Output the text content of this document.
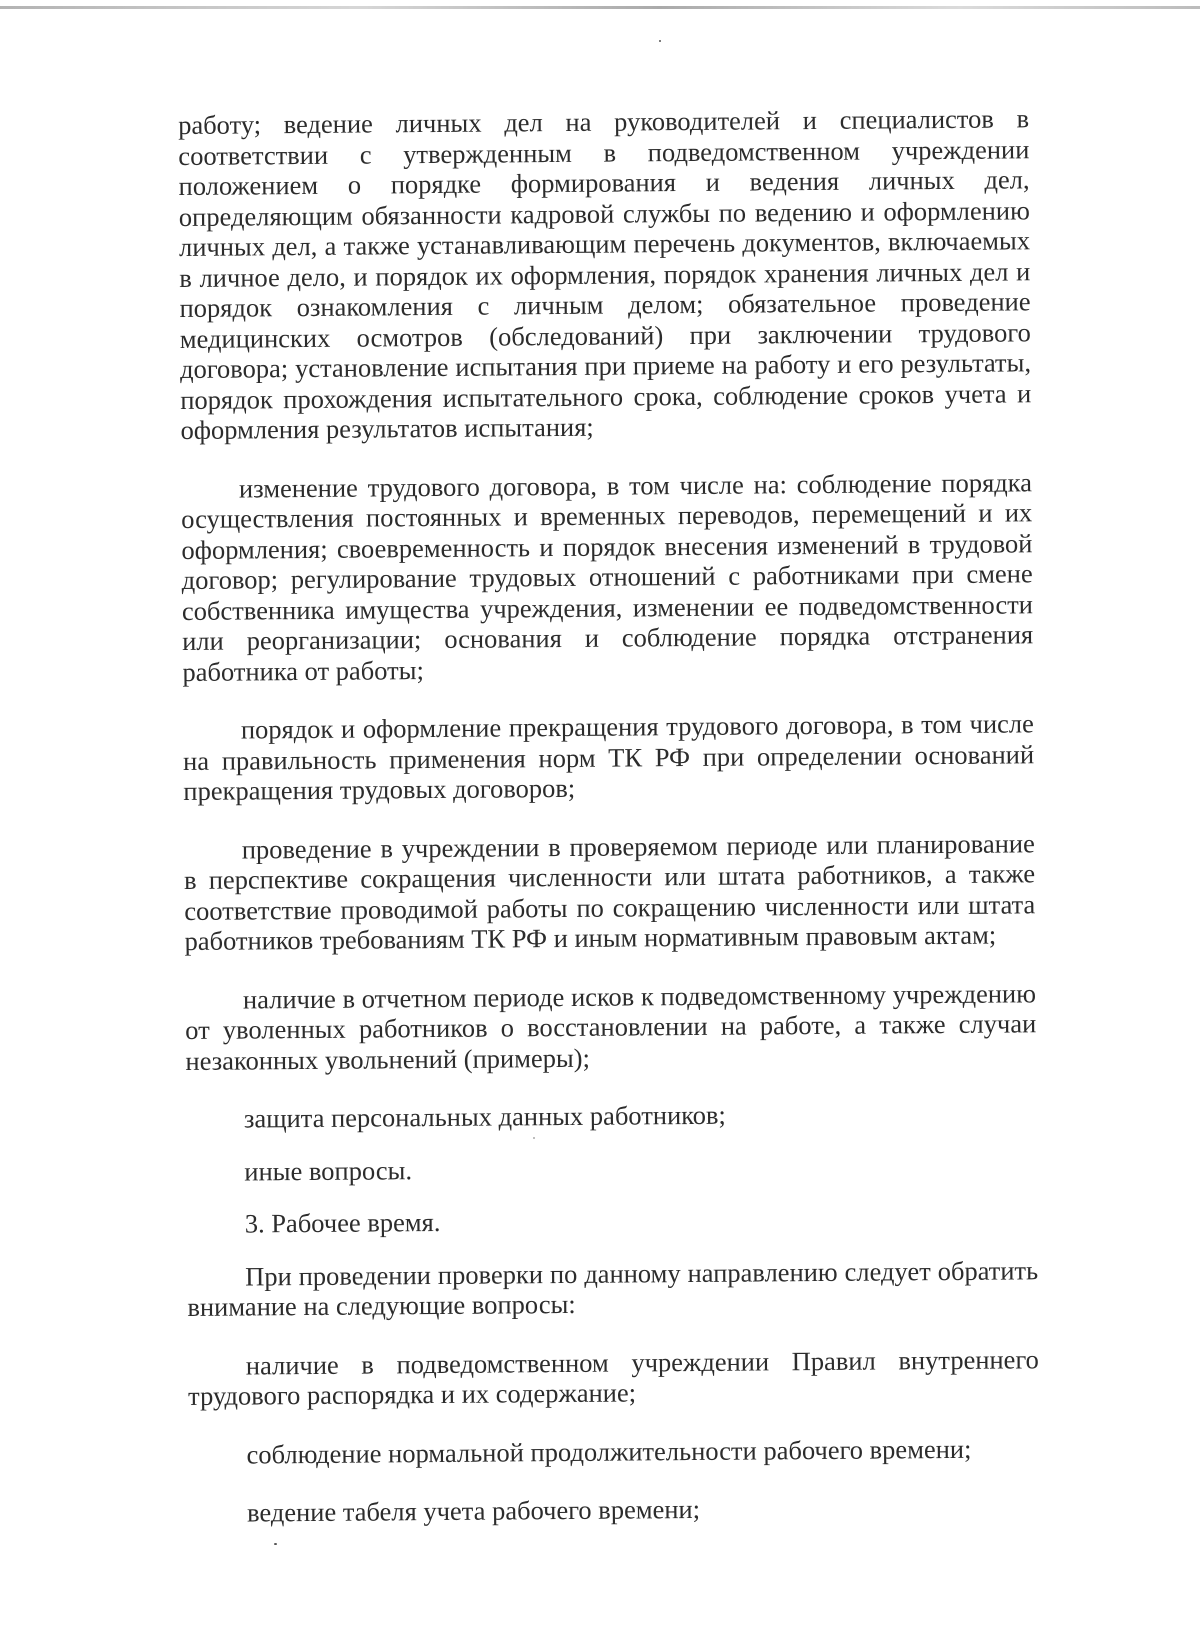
работу; ведение личных дел на руководителей и специалистов в соответствии с утвержденным в подведомственном учреждении положением о порядке формирования и ведения личных дел, определяющим обязанности кадровой службы по ведению и оформлению личных дел, а также устанавливающим перечень документов, включаемых в личное дело, и порядок их оформления, порядок хранения личных дел и порядок ознакомления с личным делом; обязательное проведение медицинских осмотров (обследований) при заключении трудового договора; установление испытания при приеме на работу и его результаты, порядок прохождения испытательного срока, соблюдение сроков учета и оформления результатов испытания;

изменение трудового договора, в том числе на: соблюдение порядка осуществления постоянных и временных переводов, перемещений и их оформления; своевременность и порядок внесения изменений в трудовой договор; регулирование трудовых отношений с работниками при смене собственника имущества учреждения, изменении ее подведомственности или реорганизации; основания и соблюдение порядка отстранения работника от работы;

порядок и оформление прекращения трудового договора, в том числе на правильность применения норм ТК РФ при определении оснований прекращения трудовых договоров;

проведение в учреждении в проверяемом периоде или планирование в перспективе сокращения численности или штата работников, а также соответствие проводимой работы по сокращению численности или штата работников требованиям ТК РФ и иным нормативным правовым актам;

наличие в отчетном периоде исков к подведомственному учреждению от уволенных работников о восстановлении на работе, а также случаи незаконных увольнений (примеры);

защита персональных данных работников;

иные вопросы.

3. Рабочее время.

При проведении проверки по данному направлению следует обратить внимание на следующие вопросы:

наличие в подведомственном учреждении Правил внутреннего трудового распорядка и их содержание;

соблюдение нормальной продолжительности рабочего времени;

ведение табеля учета рабочего времени;
